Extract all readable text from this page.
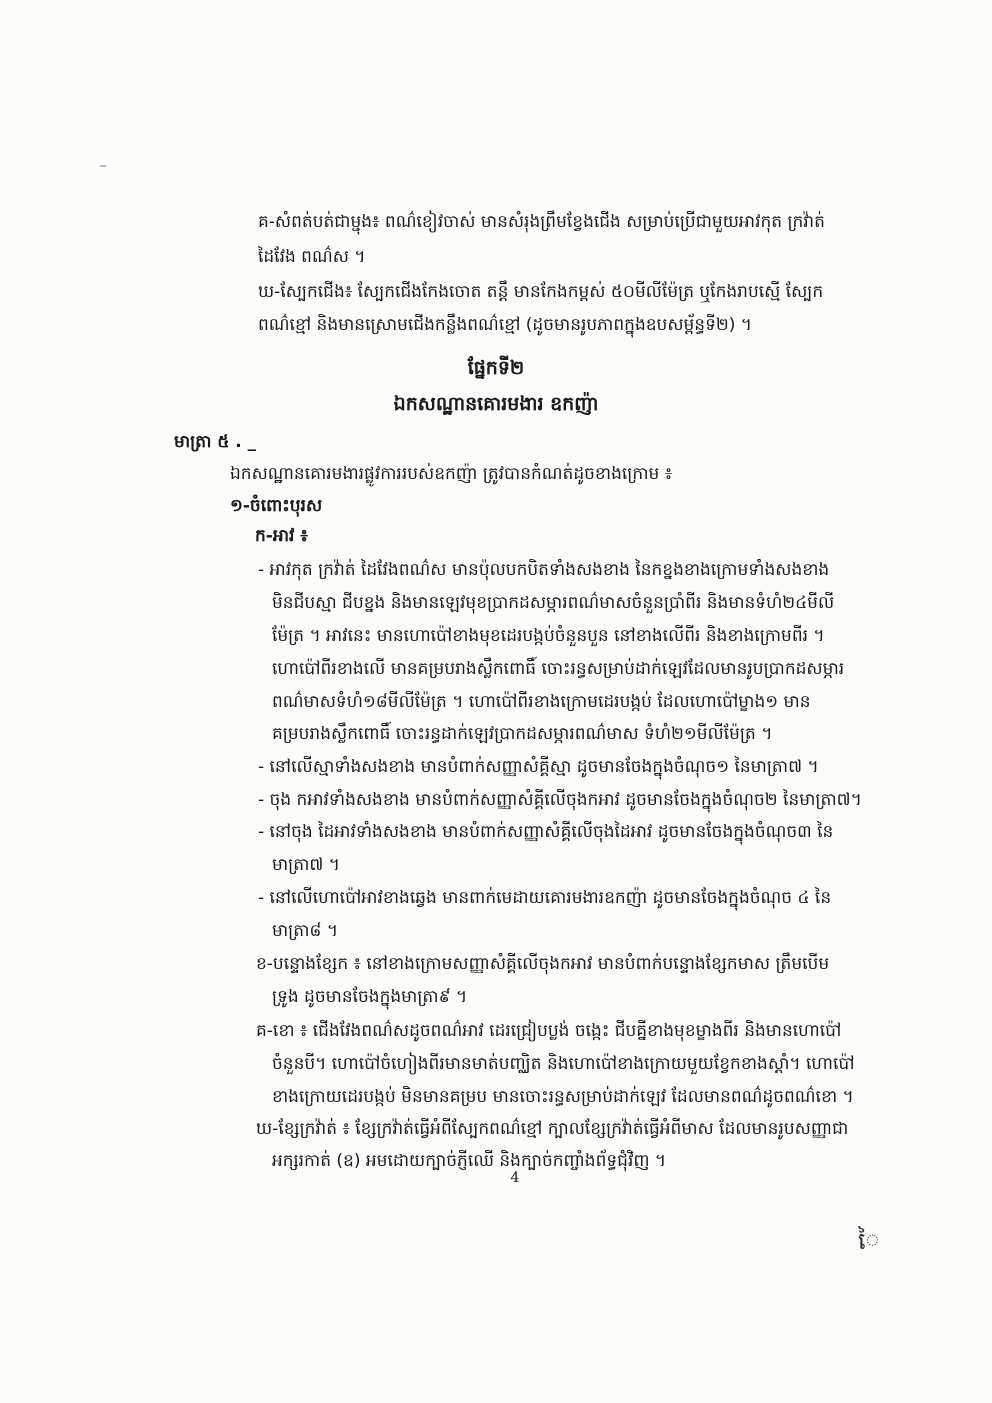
គ-សំពត់បត់ជាម្ជុង៖ ពណ៌ខៀវចាស់ មានសំរុងព្រឹមខ្វែងជើង សម្រាប់ប្រើជាមួយអាវកុត ក្រវ៉ាត់

ដៃវែង ពណ៌ស ។

ឃ-ស្បែកជើង៖ ស្បែកជើងកែងចោត តន្តឹ មានកែងកម្ពស់ ៥០មីលីម៉ែត្រ ឬកែងរាបស្មើ ស្បែក

ពណ៌ខ្មៅ និងមានស្រោមជើងកន្លឹងពណ៌ខ្មៅ (ដូចមានរូបភាពក្នុងឧបសម្ព័ន្ធទី២) ។

ផ្នែកទី២
ឯកសណ្ឋានគោរមងារ ឧកញ៉ា

មាត្រា ៥ . _

ឯកសណ្ឋានគោរមងារផ្លូវការរបស់ឧកញ៉ា ត្រូវបានកំណត់ដូចខាងក្រោម ៖

១-ចំពោះបុរស

ក-អាវ ៖

- អាវកុត ក្រវ៉ាត់ ដៃវែងពណ៌ស មានប៉ុលបកបិតទាំងសងខាង នៃកខ្នងខាងក្រោមទាំងសងខាង

មិនជីបស្មា ជីបខ្នង និងមានឡេវមុខប្រាកដសម្ភារពណ៌មាសចំនួនប្រាំពីរ និងមានទំហំ២៤មីលី

ម៉ែត្រ ។ អាវនេះ មានហោប៉ៅខាងមុខដេរបង្កប់ចំនួនបួន នៅខាងលើពីរ និងខាងក្រោមពីរ ។

ហោប៉ៅពីរខាងលើ មានគម្របរាងស្លឹកពោធិ៍ ចោះរន្ធសម្រាប់ដាក់ឡេវដែលមានរូបប្រាកដសម្ភារ

ពណ៌មាសទំហំ១៨មីលីម៉ែត្រ ។ ហោប៉ៅពីរខាងក្រោមដេរបង្កប់ ដែលហោប៉ៅម្ខាង១ មាន

គម្របរាងស្លឹកពោធិ៍ ចោះរន្ធដាក់ឡេវប្រាកដសម្ភារពណ៌មាស ទំហំ២១មីលីម៉ែត្រ ។

- នៅលើស្មាទាំងសងខាង មានបំពាក់សញ្ញាសំគ្គីស្មា ដូចមានចែងក្នុងចំណុច១ នៃមាត្រា៧ ។

- ចុង កអាវទាំងសងខាង មានបំពាក់សញ្ញាសំគ្គីលើចុងកអាវ ដូចមានចែងក្នុងចំណុច២ នៃមាត្រា៧។

- នៅចុង ដៃអាវទាំងសងខាង មានបំពាក់សញ្ញាសំគ្គីលើចុងដៃអាវ ដូចមានចែងក្នុងចំណុច៣ នៃ

មាត្រា៧ ។

- នៅលើហោប៉ៅអាវខាងឆ្វេង មានពាក់មេដាយគោរមងារឧកញ៉ា ដូចមានចែងក្នុងចំណុច ៤ នៃ

មាត្រា៨ ។

ខ-បន្ទោងខ្សែក ៖ នៅខាងក្រោមសញ្ញាសំគ្គីលើចុងកអាវ មានបំពាក់បន្ទោងខ្សែកមាស ត្រឹមបើម

ទ្រូង ដូចមានចែងក្នុងមាត្រា៩ ។

គ-ខោ ៖ ជើងវែងពណ៌សដូចពណ៌អាវ ដេរជ្រៀបប្លង់ ចង្កេះ ជីបគ្នីខាងមុខម្ខាងពីរ និងមានហោប៉ៅ

ចំនួនបី។ ហោប៉ៅចំហៀងពីរមានមាត់បញ្ឈិត និងហោប៉ៅខាងក្រោយមួយខ្វែកខាងស្តាំ។ ហោប៉ៅ

ខាងក្រោយដេរបង្កប់ មិនមានគម្រប មានចោះរន្ធសម្រាប់ដាក់ឡេវ ដែលមានពណ៌ដូចពណ៌ខោ ។

ឃ-ខ្សែក្រវ៉ាត់ ៖ ខ្សែក្រវ៉ាត់ធ្វើអំពីស្បែកពណ៌ខ្មៅ ក្បាលខ្សែក្រវ៉ាត់ធ្វើអំពីមាស ដែលមានរូបសញ្ញាជា

អក្សរកាត់ (ឧ) អមដោយក្បាច់ភ្ញីឈើ និងក្បាច់កញ្ចាំងព័ទ្ធជុំវិញ ។

4
ៃ
